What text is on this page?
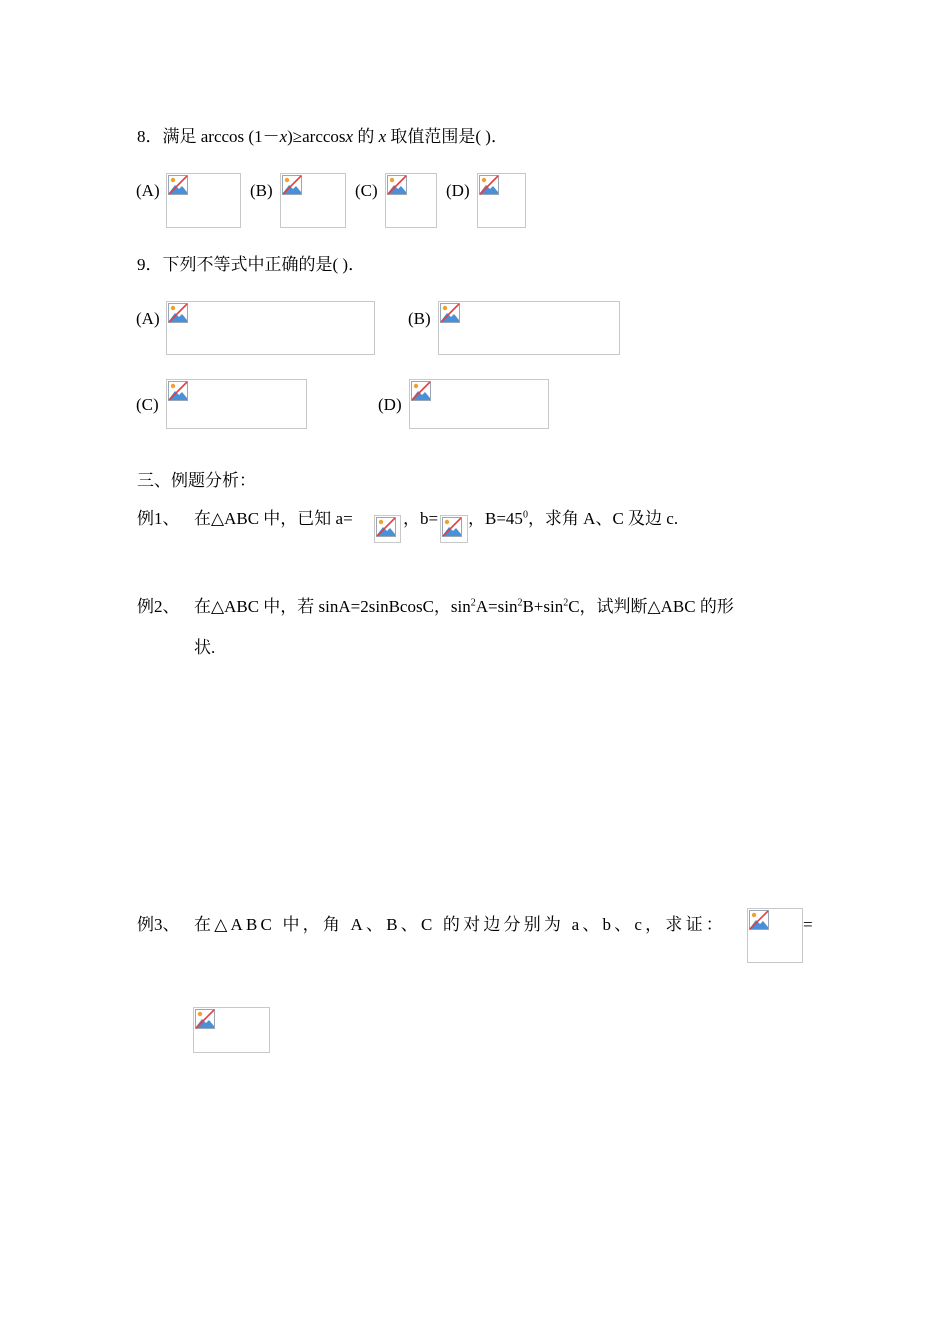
8．满足 arccos (1－x)≥arccosx 的 x 取值范围是( )．
(A)	(B)	(C)	(D)
9．下列不等式中正确的是( )．
(A)	(B)
(C)	(D)
三、例题分析：
例1、 在△ABC 中，已知 a=	，b= ，$B=45^0$，求角 A、C 及边 c.
例2、 在△ABC 中，若 sinA=2sinBcosC，$\sin^2A=\sin^2B+\sin^2C$，试判断△ABC 的形
状.
例3、 在△ABC 中，角 A、B、C 的对边分别为 a、b、c，求证：	=
